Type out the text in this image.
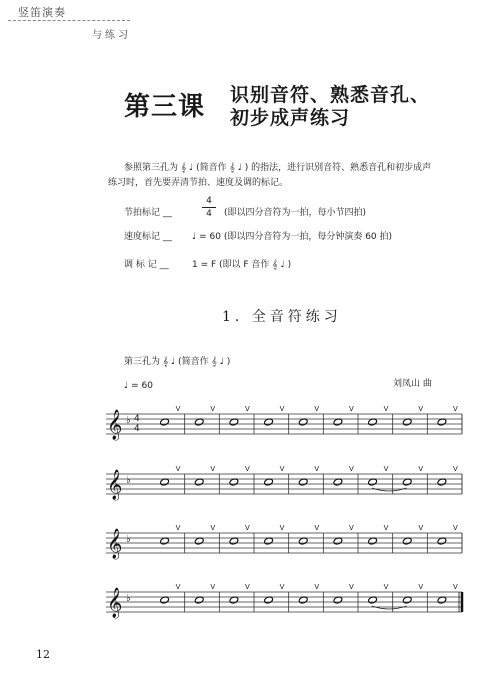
竖笛演奏
与练习
第三课 识别音符、熟悉音孔、
初步成声练习
参照第三孔为 𝄞 ♩ (简音作 𝄞 ♩ ) 的指法，进行识别音符、熟悉音孔和初步成声
练习时，首先要弄清节拍、速度及调的标记。
节拍标记 __
4
4	(即以四分音符为一拍，每小节四拍)
速度标记 __ ♩ = 60 (即以四分音符为一拍，每分钟演奏 60 拍)
调 标 记 __	1 = F (即以 F 音作 𝄞 ♩ )
1. 全音符练习
第三孔为 𝄞 ♩ (简音作 𝄞 ♩ )
♩ = 60	刘凤山 曲
𝄞 ♭ 4
4
V	V	V	V	V	V	V	V	V
𝄞 ♭
V	V	V	V	V	V	V	V	V
𝄞 ♭
V	V	V	V	V	V	V	V	V
𝄞 ♭
V	V	V	V	V	V	V	V	V
12
